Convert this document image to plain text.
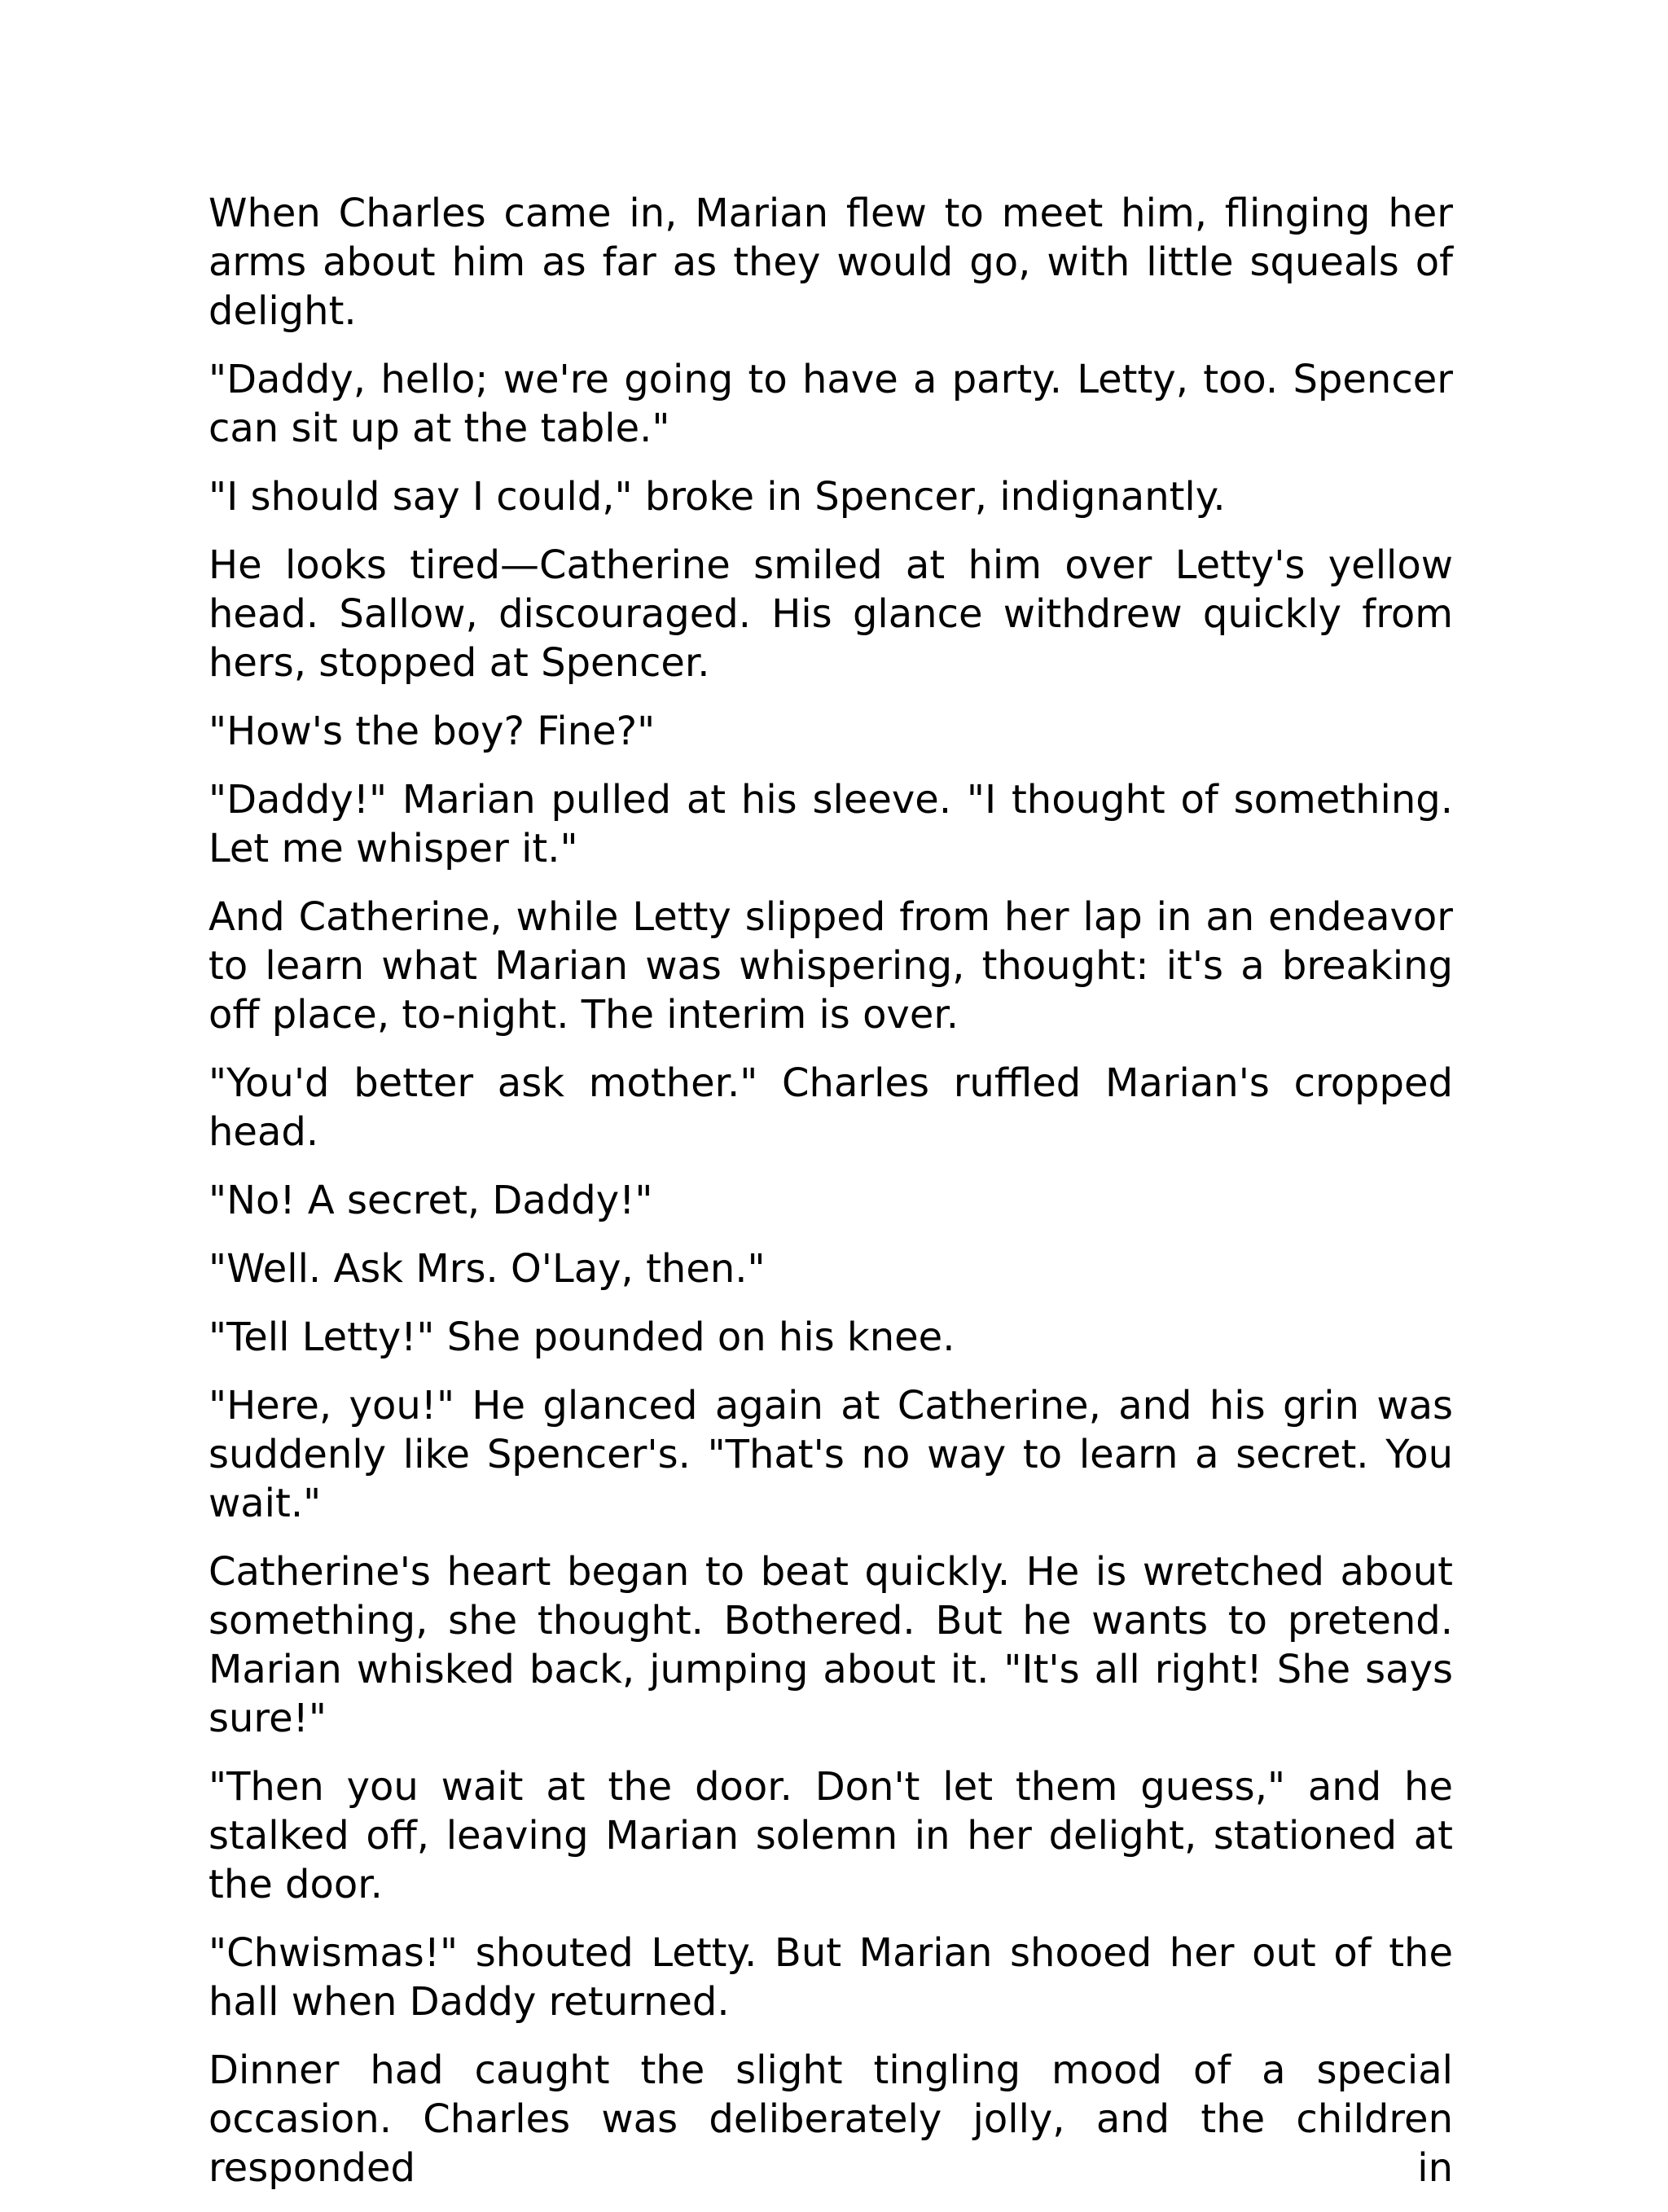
When Charles came in, Marian flew to meet him, flinging her arms about him as far as they would go, with little squeals of delight.

"Daddy, hello; we're going to have a party. Letty, too. Spencer can sit up at the table."

"I should say I could," broke in Spencer, indignantly.

He looks tired—Catherine smiled at him over Letty's yellow head. Sallow, discouraged. His glance withdrew quickly from hers, stopped at Spencer.

"How's the boy? Fine?"

"Daddy!" Marian pulled at his sleeve. "I thought of something. Let me whisper it."

And Catherine, while Letty slipped from her lap in an endeavor to learn what Marian was whispering, thought: it's a breaking off place, to-night. The interim is over.

"You'd better ask mother." Charles ruffled Marian's cropped head.

"No! A secret, Daddy!"

"Well. Ask Mrs. O'Lay, then."

"Tell Letty!" She pounded on his knee.

"Here, you!" He glanced again at Catherine, and his grin was suddenly like Spencer's. "That's no way to learn a secret. You wait."

Catherine's heart began to beat quickly. He is wretched about something, she thought. Bothered. But he wants to pretend. Marian whisked back, jumping about it. "It's all right! She says sure!"

"Then you wait at the door. Don't let them guess," and he stalked off, leaving Marian solemn in her delight, stationed at the door.

"Chwismas!" shouted Letty. But Marian shooed her out of the hall when Daddy returned.

Dinner had caught the slight tingling mood of a special occasion. Charles was deliberately jolly, and the children responded in
